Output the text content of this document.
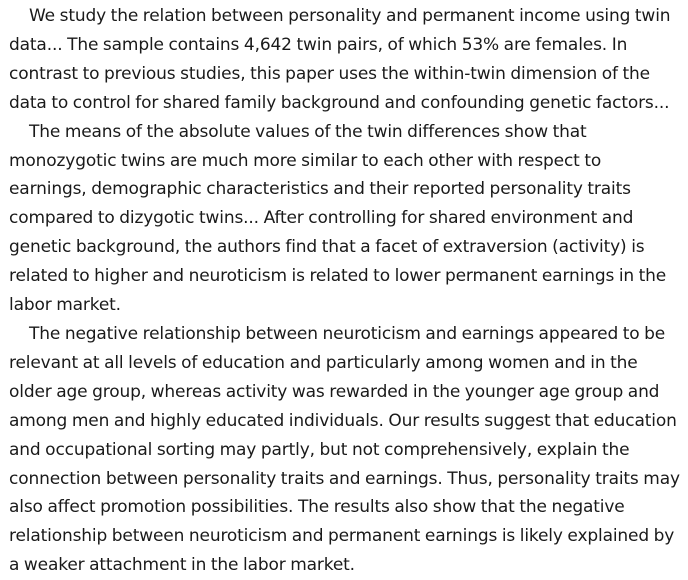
We study the relation between personality and permanent income using twin data... The sample contains 4,642 twin pairs, of which 53% are females. In contrast to previous studies, this paper uses the within-twin dimension of the data to control for shared family background and confounding genetic factors...

The means of the absolute values of the twin differences show that monozygotic twins are much more similar to each other with respect to earnings, demographic characteristics and their reported personality traits compared to dizygotic twins... After controlling for shared environment and genetic background, the authors find that a facet of extraversion (activity) is related to higher and neuroticism is related to lower permanent earnings in the labor market.

The negative relationship between neuroticism and earnings appeared to be relevant at all levels of education and particularly among women and in the older age group, whereas activity was rewarded in the younger age group and among men and highly educated individuals. Our results suggest that education and occupational sorting may partly, but not comprehensively, explain the connection between personality traits and earnings. Thus, personality traits may also affect promotion possibilities. The results also show that the negative relationship between neuroticism and permanent earnings is likely explained by a weaker attachment in the labor market.
